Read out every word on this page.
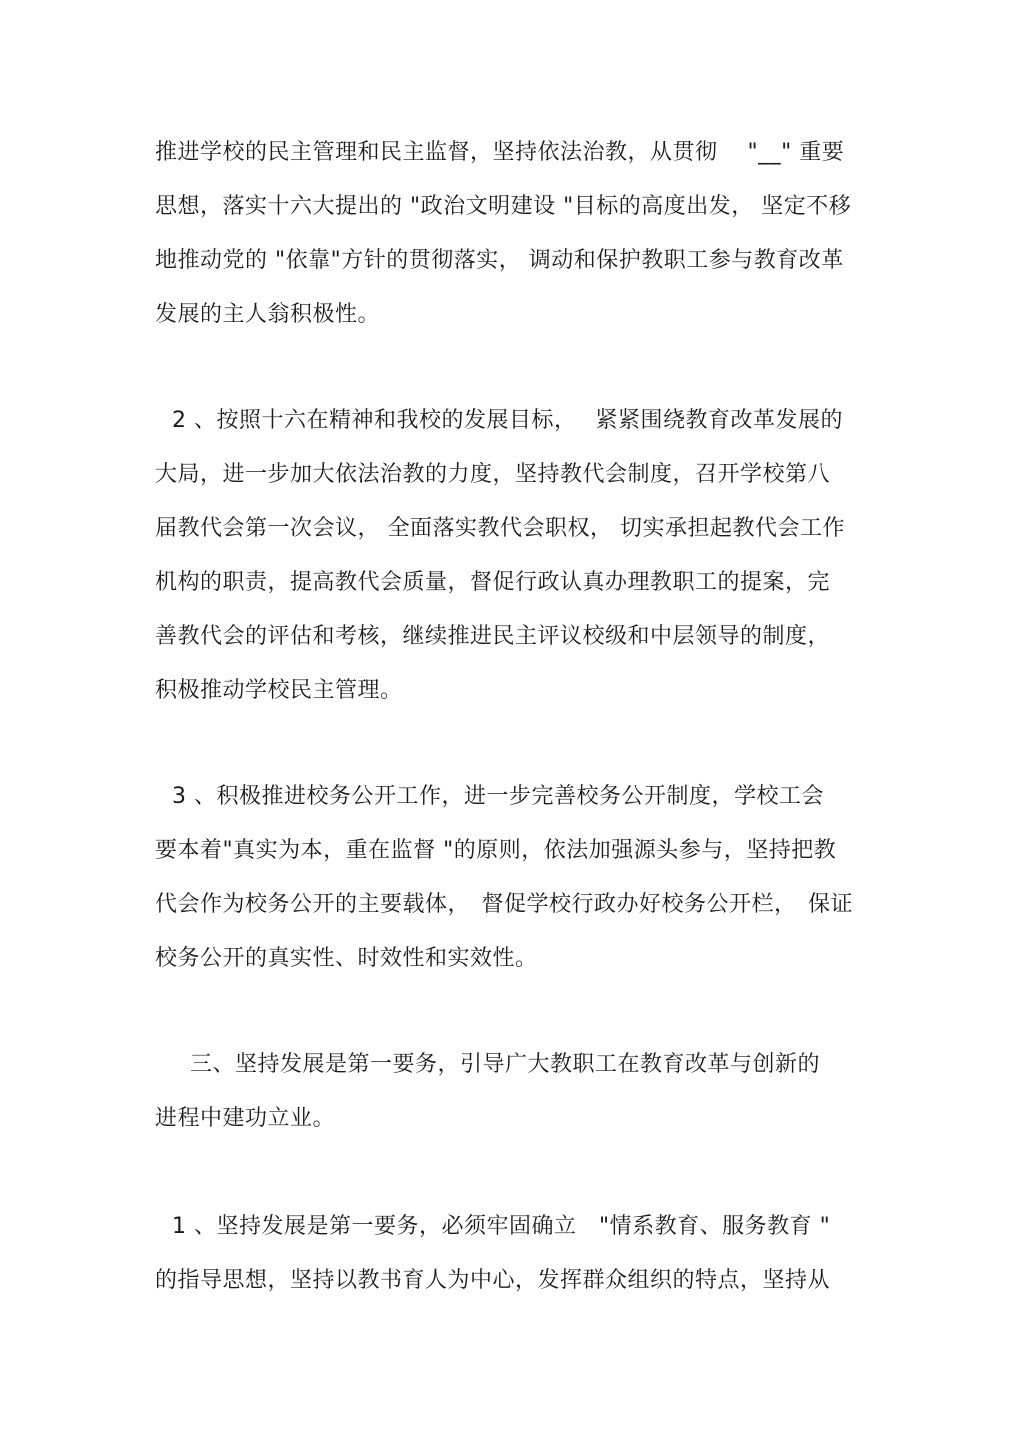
推进学校的民主管理和民主监督，坚持依法治教，从贯彻　 "__" 重要
思想，落实十六大提出的 "政治文明建设 "目标的高度出发， 坚定不移
地推动党的 "依靠"方针的贯彻落实， 调动和保护教职工参与教育改革
发展的主人翁积极性。
2 、按照十六在精神和我校的发展目标，　 紧紧围绕教育改革发展的
大局，进一步加大依法治教的力度，坚持教代会制度，召开学校第八
届教代会第一次会议， 全面落实教代会职权， 切实承担起教代会工作
机构的职责，提高教代会质量，督促行政认真办理教职工的提案，完
善教代会的评估和考核，继续推进民主评议校级和中层领导的制度，
积极推动学校民主管理。
3 、积极推进校务公开工作，进一步完善校务公开制度，学校工会
要本着"真实为本，重在监督 "的原则，依法加强源头参与，坚持把教
代会作为校务公开的主要载体，　督促学校行政办好校务公开栏，　保证
校务公开的真实性、时效性和实效性。
三、坚持发展是第一要务，引导广大教职工在教育改革与创新的
进程中建功立业。
1 、坚持发展是第一要务，必须牢固确立　"情系教育、服务教育 "
的指导思想，坚持以教书育人为中心，发挥群众组织的特点，坚持从
